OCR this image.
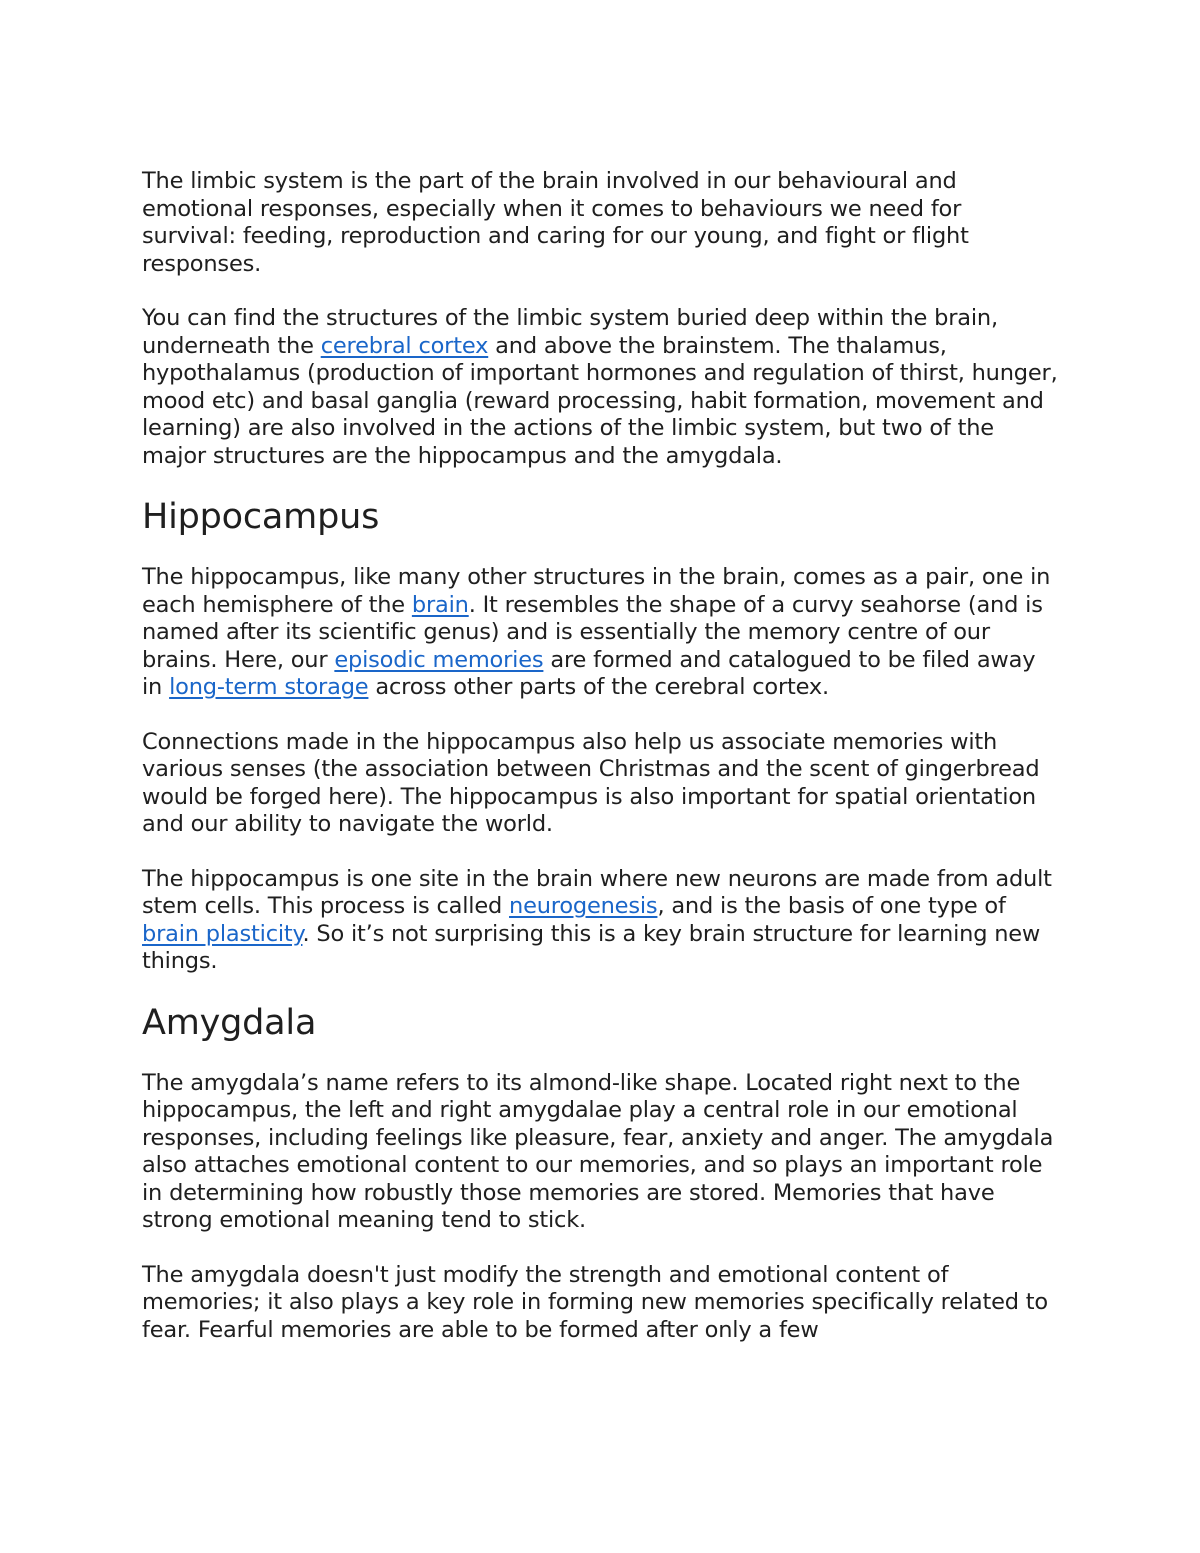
The limbic system is the part of the brain involved in our behavioural and emotional responses, especially when it comes to behaviours we need for survival: feeding, reproduction and caring for our young, and fight or flight responses.

You can find the structures of the limbic system buried deep within the brain, underneath the cerebral cortex and above the brainstem. The thalamus, hypothalamus (production of important hormones and regulation of thirst, hunger, mood etc) and basal ganglia (reward processing, habit formation, movement and learning) are also involved in the actions of the limbic system, but two of the major structures are the hippocampus and the amygdala.

Hippocampus

The hippocampus, like many other structures in the brain, comes as a pair, one in each hemisphere of the brain. It resembles the shape of a curvy seahorse (and is named after its scientific genus) and is essentially the memory centre of our brains. Here, our episodic memories are formed and catalogued to be filed away in long-term storage across other parts of the cerebral cortex.

Connections made in the hippocampus also help us associate memories with various senses (the association between Christmas and the scent of gingerbread would be forged here). The hippocampus is also important for spatial orientation and our ability to navigate the world.

The hippocampus is one site in the brain where new neurons are made from adult stem cells. This process is called neurogenesis, and is the basis of one type of brain plasticity. So it’s not surprising this is a key brain structure for learning new things.

Amygdala

The amygdala’s name refers to its almond-like shape. Located right next to the hippocampus, the left and right amygdalae play a central role in our emotional responses, including feelings like pleasure, fear, anxiety and anger. The amygdala also attaches emotional content to our memories, and so plays an important role in determining how robustly those memories are stored. Memories that have strong emotional meaning tend to stick.

The amygdala doesn't just modify the strength and emotional content of memories; it also plays a key role in forming new memories specifically related to fear. Fearful memories are able to be formed after only a few
